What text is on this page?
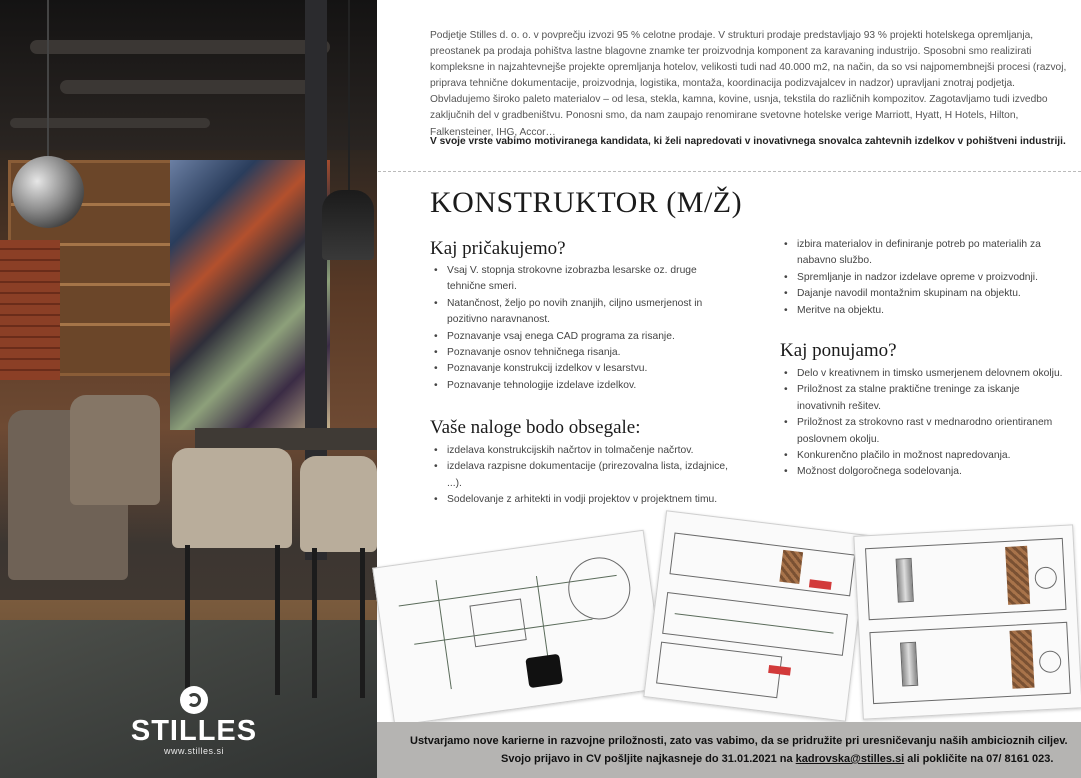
STILLES
www.stilles.si
Podjetje Stilles d. o. o. v povprečju izvozi 95 % celotne prodaje. V strukturi prodaje predstavljajo 93 % projekti hotelskega opremljanja, preostanek pa prodaja pohištva lastne blagovne znamke ter proizvodnja komponent za karavaning industrijo. Sposobni smo realizirati kompleksne in najzahtevnejše projekte opremljanja hotelov, velikosti tudi nad 40.000 m2, na način, da so vsi najpomembnejši procesi (razvoj, priprava tehnične dokumentacije, proizvodnja, logistika, montaža, koordinacija podizvajalcev in nadzor) upravljani znotraj podjetja. Obvladujemo široko paleto materialov – od lesa, stekla, kamna, kovine, usnja, tekstila do različnih kompozitov. Zagotavljamo tudi izvedbo zaključnih del v gradbeništvu. Ponosni smo, da nam zaupajo renomirane svetovne hotelske verige Marriott, Hyatt, H Hotels, Hilton, Falkensteiner, IHG, Accor…
V svoje vrste vabimo motiviranega kandidata, ki želi napredovati v inovativnega snovalca zahtevnih izdelkov v pohištveni industriji.
KONSTRUKTOR (M/Ž)
Kaj pričakujemo?
• Vsaj V. stopnja strokovne izobrazba lesarske oz. druge tehnične smeri.
• Natančnost, željo po novih znanjih, ciljno usmerjenost in pozitivno naravnanost.
• Poznavanje vsaj enega CAD programa za risanje.
• Poznavanje osnov tehničnega risanja.
• Poznavanje konstrukcij izdelkov v lesarstvu.
• Poznavanje tehnologije izdelave izdelkov.
Vaše naloge bodo obsegale:
• izdelava konstrukcijskih načrtov in tolmačenje načrtov.
• izdelava razpisne dokumentacije (prirezovalna lista, izdajnice, ...).
• Sodelovanje z arhitekti in vodji projektov v projektnem timu.
• izbira materialov in definiranje potreb po materialih za nabavno službo.
• Spremljanje in nadzor izdelave opreme v proizvodnji.
• Dajanje navodil montažnim skupinam na objektu.
• Meritve na objektu.
Kaj ponujamo?
• Delo v kreativnem in timsko usmerjenem delovnem okolju.
• Priložnost za stalne praktične treninge za iskanje inovativnih rešitev.
• Priložnost za strokovno rast v mednarodno orientiranem poslovnem okolju.
• Konkurenčno plačilo in možnost napredovanja.
• Možnost dolgoročnega sodelovanja.
Ustvarjamo nove karierne in razvojne priložnosti, zato vas vabimo, da se pridružite pri uresničevanju naših ambicioznih ciljev.
Svojo prijavo in CV pošljite najkasneje do 31.01.2021 na kadrovska@stilles.si ali pokličite na 07/ 8161 023.
